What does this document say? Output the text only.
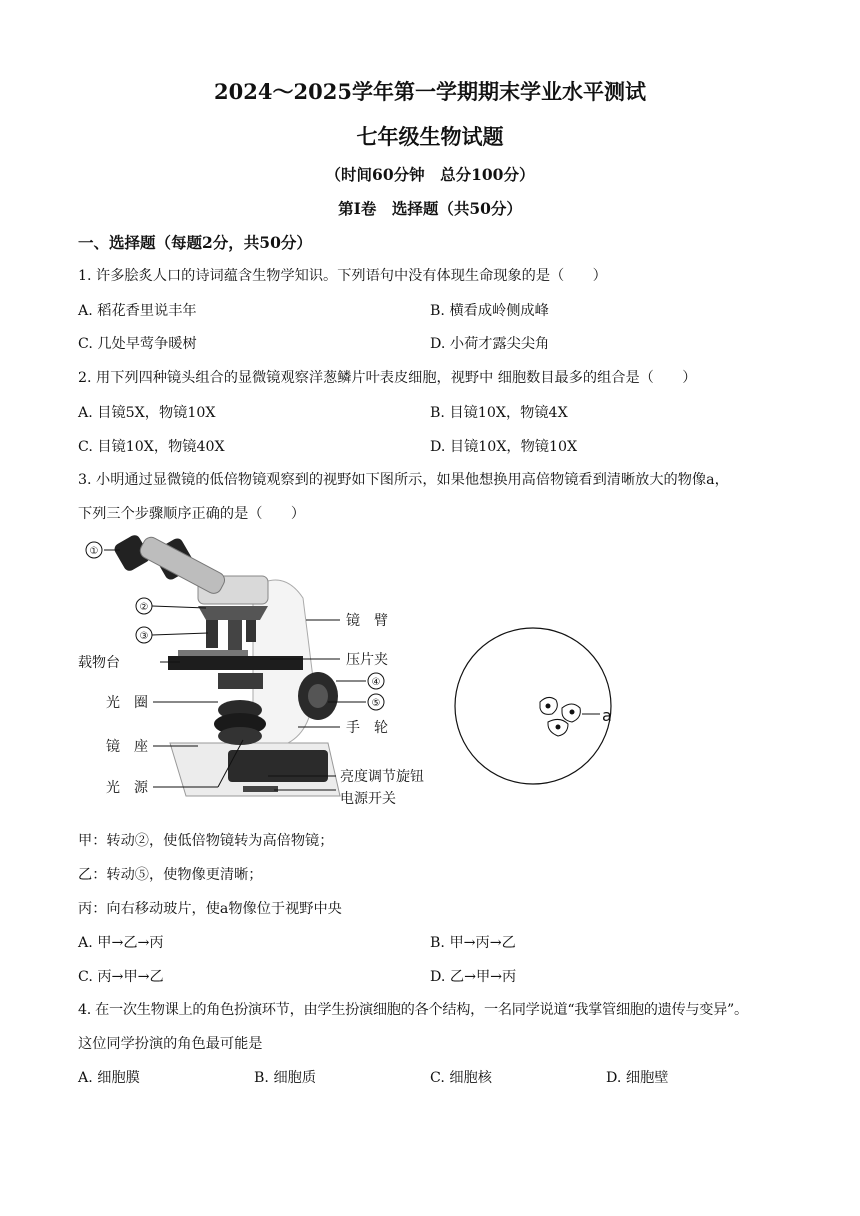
2024～2025学年第一学期期末学业水平测试
七年级生物试题
（时间60分钟　总分100分）
第Ⅰ卷　选择题（共50分）
一、选择题（每题2分，共50分）
1. 许多脍炙人口的诗词蕴含生物学知识。下列语句中没有体现生命现象的是（　　）
A. 稻花香里说丰年	B. 横看成岭侧成峰
C. 几处早莺争暖树	D. 小荷才露尖尖角
2. 用下列四种镜头组合的显微镜观察洋葱鳞片叶表皮细胞，视野中 细胞数目最多的组合是（　　）
A. 目镜5X，物镜10X	B. 目镜10X，物镜4X
C. 目镜10X，物镜40X	D. 目镜10X，物镜10X
3. 小明通过显微镜的低倍物镜观察到的视野如下图所示，如果他想换用高倍物镜看到清晰放大的物像a，
下列三个步骤顺序正确的是（　　）
①
②
③
④
⑤
载物台
光　圈
镜　座
光　源
镜　臂
压片夹
手　轮
亮度调节旋钮
电源开关
a
甲：转动②，使低倍物镜转为高倍物镜；
乙：转动⑤，使物像更清晰；
丙：向右移动玻片，使a物像位于视野中央
A. 甲→乙→丙	B. 甲→丙→乙
C. 丙→甲→乙	D. 乙→甲→丙
4. 在一次生物课上的角色扮演环节，由学生扮演细胞的各个结构，一名同学说道“我掌管细胞的遗传与变异”。
这位同学扮演的角色最可能是
A. 细胞膜	B. 细胞质	C. 细胞核	D. 细胞壁
